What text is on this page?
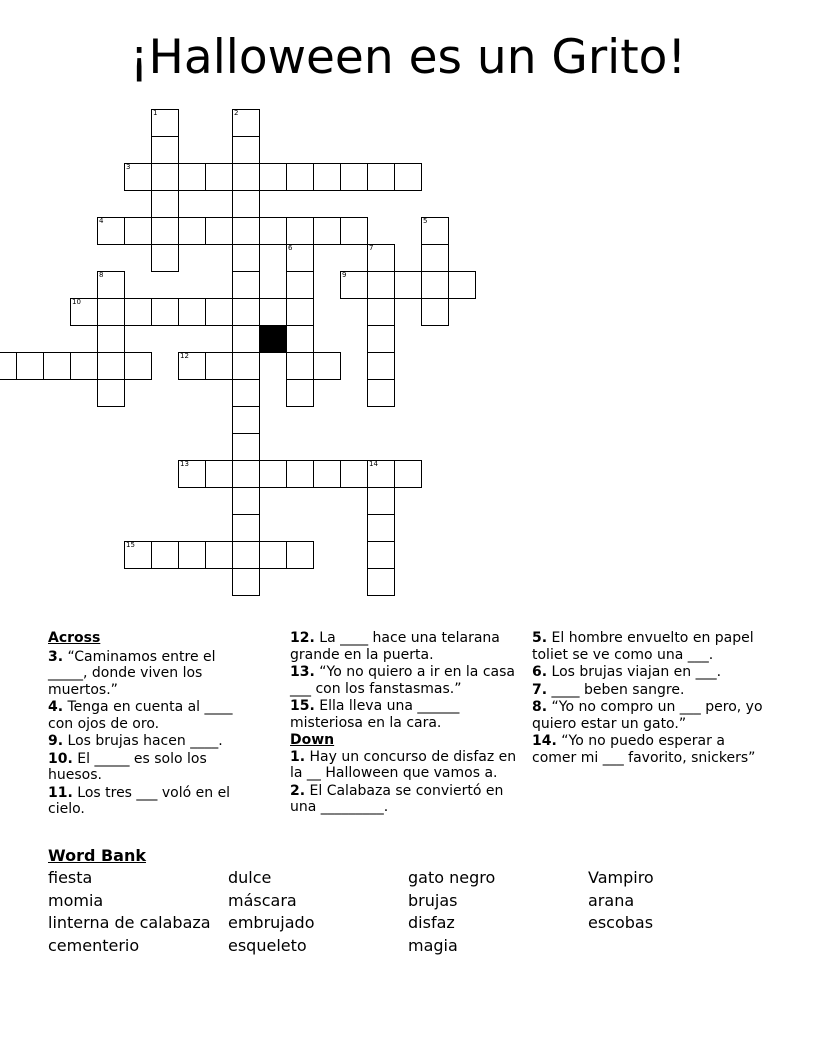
¡Halloween es un Grito!
1	2
3
4	5
6	7
8	9
10
12
13	14
15
Across
3. “Caminamos entre el _____, donde viven los muertos.”
4. Tenga en cuenta al ____ con ojos de oro.
9. Los brujas hacen ____.
10. El _____ es solo los huesos.
11. Los tres ___ voló en el cielo.
12. La ____ hace una telarana grande en la puerta.
13. “Yo no quiero a ir en la casa ___ con los fanstasmas.”
15. Ella lleva una ______ misteriosa en la cara.
Down
1. Hay un concurso de disfaz en la __ Halloween que vamos a.
2. El Calabaza se conviertó en una _________.
5. El hombre envuelto en papel toliet se ve como una ___.
6. Los brujas viajan en ___.
7. ____ beben sangre.
8. “Yo no compro un ___ pero, yo quiero estar un gato.”
14. “Yo no puedo esperar a comer mi ___ favorito, snickers”
Word Bank
fiesta	dulce	gato negro	Vampiro
momia	máscara	brujas	arana
linterna de calabaza	embrujado	disfaz	escobas
cementerio	esqueleto	magia
